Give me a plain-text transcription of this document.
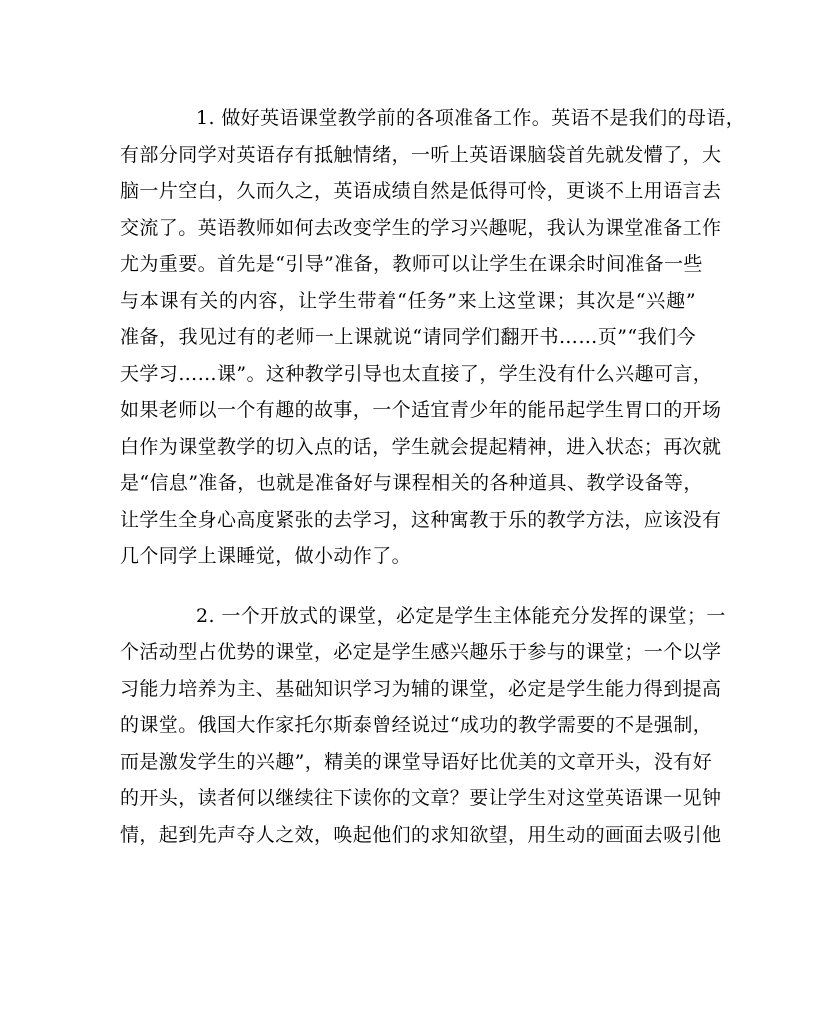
1. 做好英语课堂教学前的各项准备工作。英语不是我们的母语，
有部分同学对英语存有抵触情绪，一听上英语课脑袋首先就发懵了，大
脑一片空白，久而久之，英语成绩自然是低得可怜，更谈不上用语言去
交流了。英语教师如何去改变学生的学习兴趣呢，我认为课堂准备工作
尤为重要。首先是“引导”准备，教师可以让学生在课余时间准备一些
与本课有关的内容，让学生带着“任务”来上这堂课；其次是“兴趣”
准备，我见过有的老师一上课就说“请同学们翻开书……页”“我们今
天学习……课”。这种教学引导也太直接了，学生没有什么兴趣可言，
如果老师以一个有趣的故事，一个适宜青少年的能吊起学生胃口的开场
白作为课堂教学的切入点的话，学生就会提起精神，进入状态；再次就
是“信息”准备，也就是准备好与课程相关的各种道具、教学设备等，
让学生全身心高度紧张的去学习，这种寓教于乐的教学方法，应该没有
几个同学上课睡觉，做小动作了。
2. 一个开放式的课堂，必定是学生主体能充分发挥的课堂；一
个活动型占优势的课堂，必定是学生感兴趣乐于参与的课堂；一个以学
习能力培养为主、基础知识学习为辅的课堂，必定是学生能力得到提高
的课堂。俄国大作家托尔斯泰曾经说过“成功的教学需要的不是强制，
而是激发学生的兴趣”，精美的课堂导语好比优美的文章开头，没有好
的开头，读者何以继续往下读你的文章？要让学生对这堂英语课一见钟
情，起到先声夺人之效，唤起他们的求知欲望，用生动的画面去吸引他
